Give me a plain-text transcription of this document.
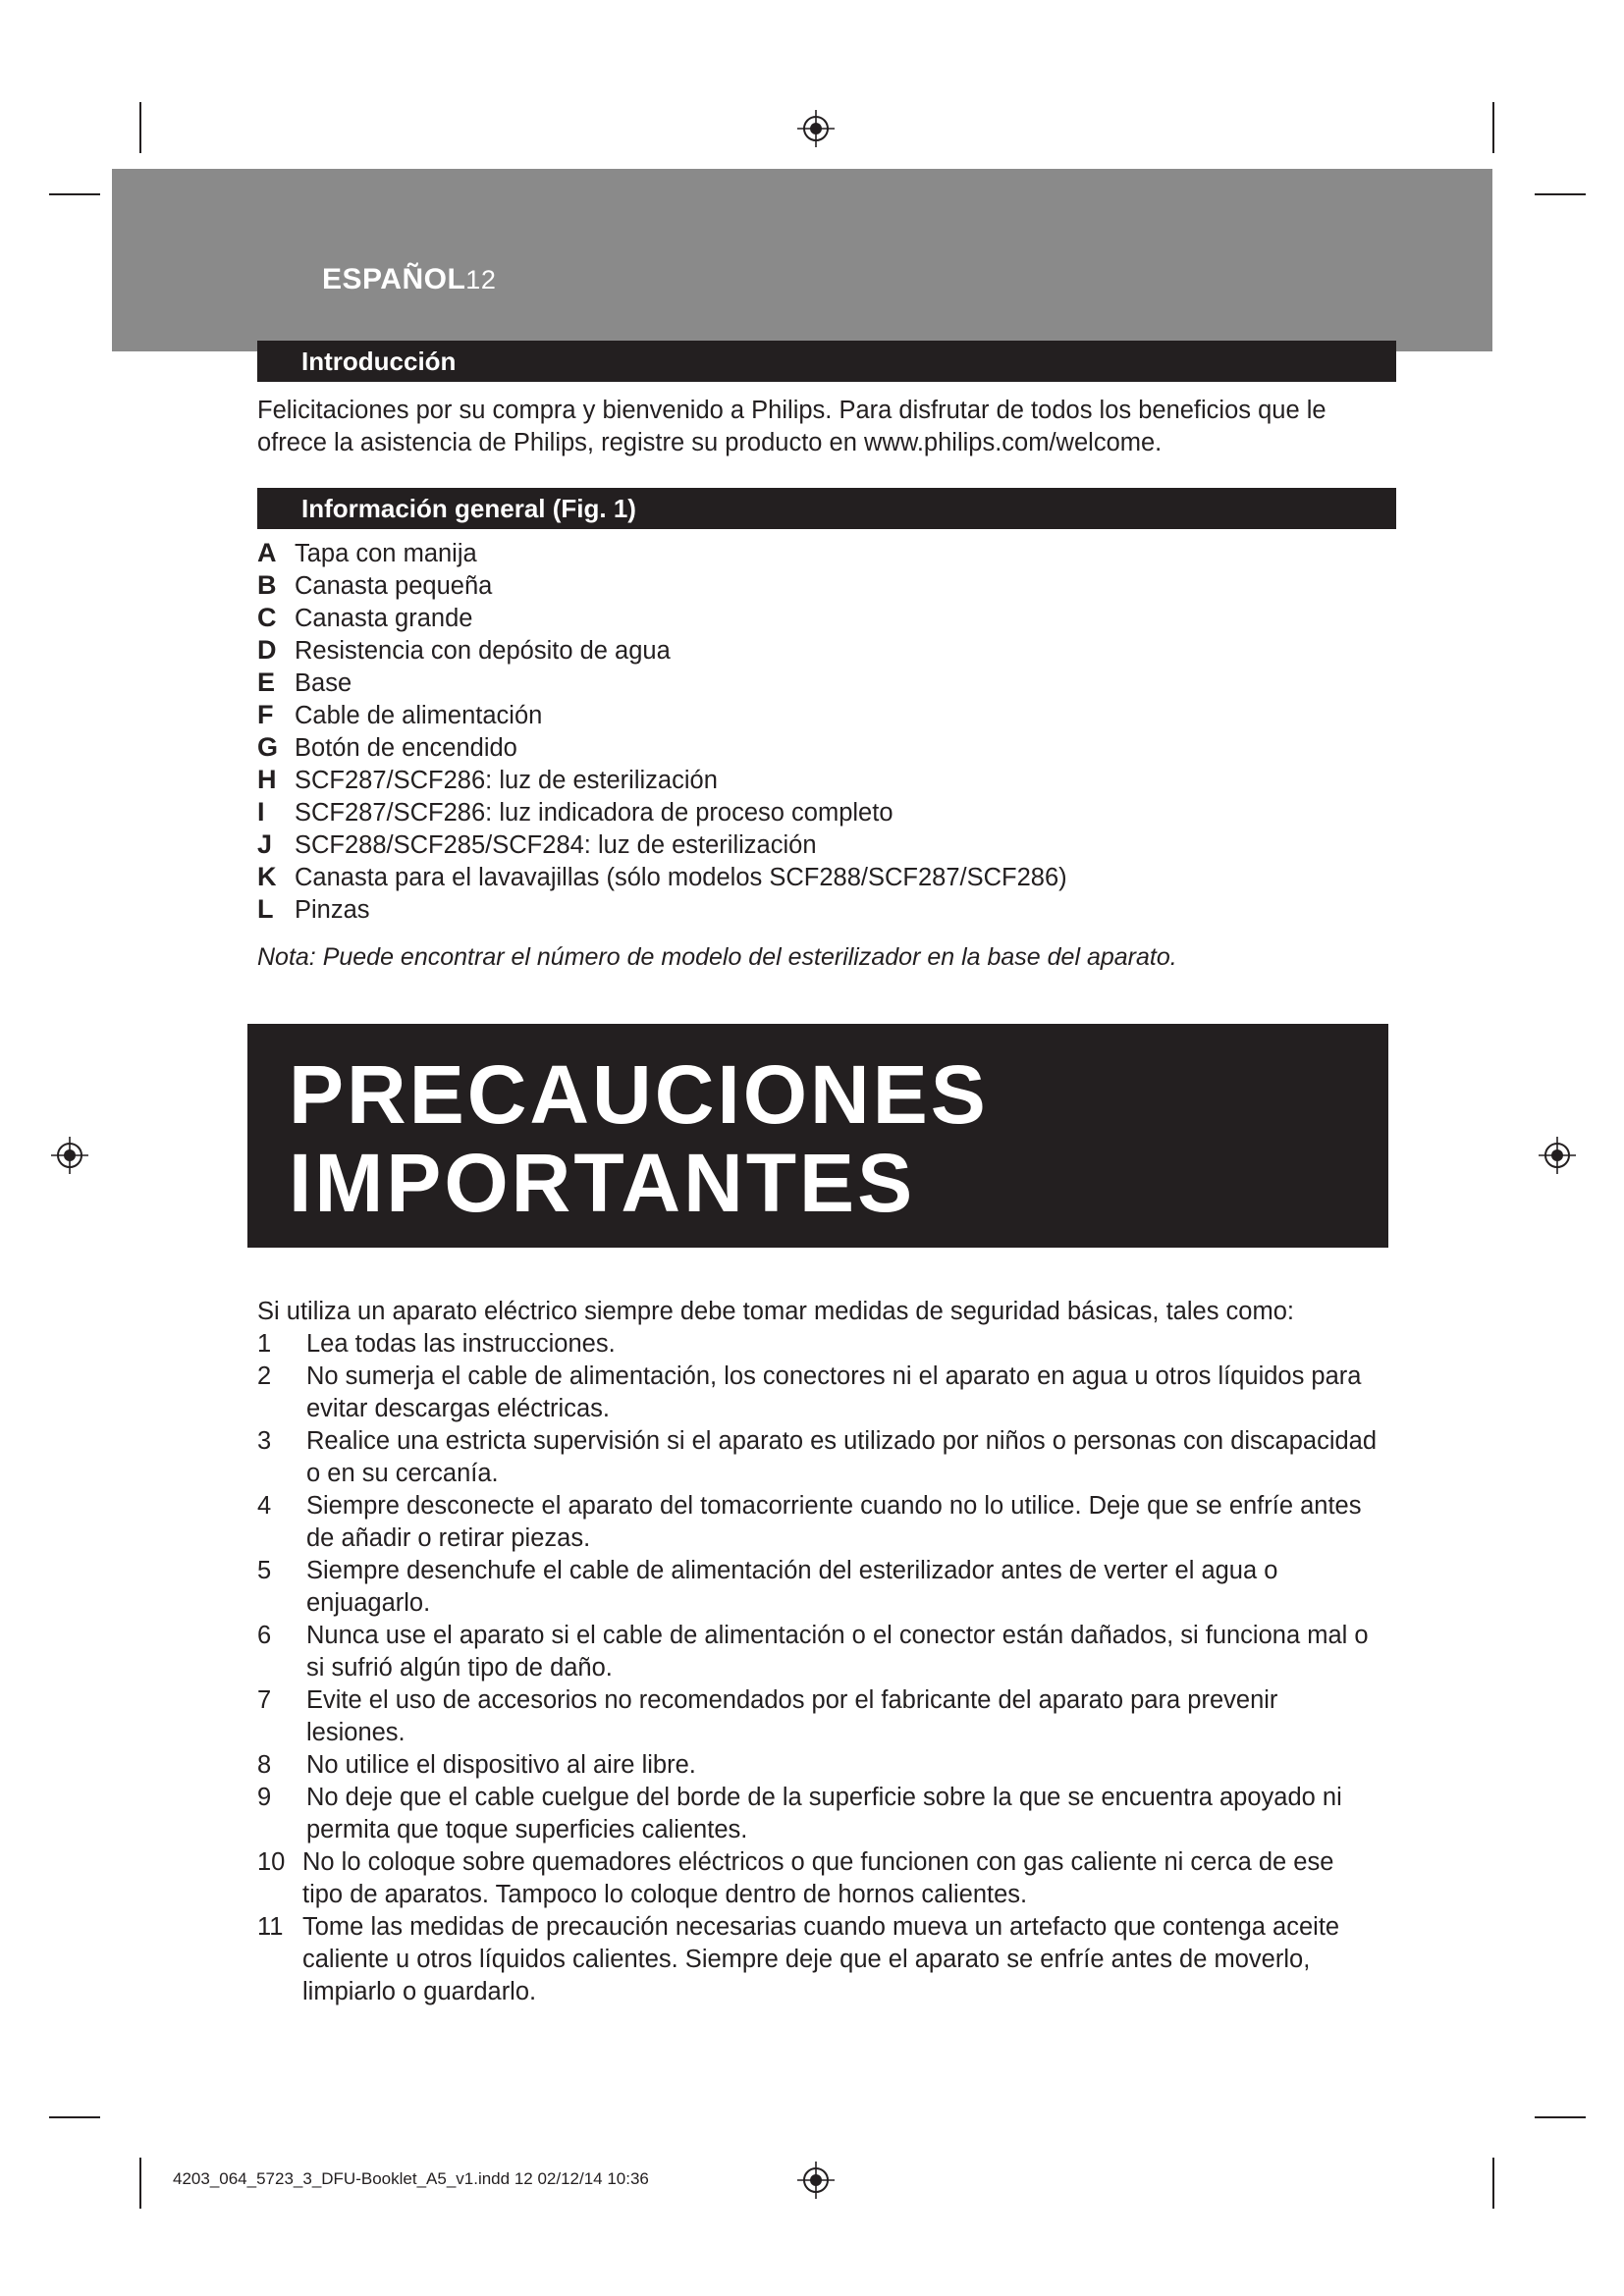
ESPAÑOL12
Introducción
Felicitaciones por su compra y bienvenido a Philips. Para disfrutar de todos los beneficios que le
ofrece la asistencia de Philips, registre su producto en www.philips.com/welcome.
Información general (Fig. 1)
A Tapa con manija
B Canasta pequeña
C Canasta grande
D Resistencia con depósito de agua
E Base
F Cable de alimentación
G Botón de encendido
H SCF287/SCF286: luz de esterilización
I SCF287/SCF286: luz indicadora de proceso completo
J SCF288/SCF285/SCF284: luz de esterilización
K Canasta para el lavavajillas (sólo modelos SCF288/SCF287/SCF286)
L Pinzas
Nota: Puede encontrar el número de modelo del esterilizador en la base del aparato.
PRECAUCIONES
IMPORTANTES
Si utiliza un aparato eléctrico siempre debe tomar medidas de seguridad básicas, tales como:
1 Lea todas las instrucciones.
2 No sumerja el cable de alimentación, los conectores ni el aparato en agua u otros líquidos para
evitar descargas eléctricas.
3 Realice una estricta supervisión si el aparato es utilizado por niños o personas con discapacidad
o en su cercanía.
4 Siempre desconecte el aparato del tomacorriente cuando no lo utilice. Deje que se enfríe antes
de añadir o retirar piezas.
5 Siempre desenchufe el cable de alimentación del esterilizador antes de verter el agua o
enjuagarlo.
6 Nunca use el aparato si el cable de alimentación o el conector están dañados, si funciona mal o
si sufrió algún tipo de daño.
7 Evite el uso de accesorios no recomendados por el fabricante del aparato para prevenir
lesiones.
8 No utilice el dispositivo al aire libre.
9 No deje que el cable cuelgue del borde de la superficie sobre la que se encuentra apoyado ni
permita que toque superficies calientes.
10 No lo coloque sobre quemadores eléctricos o que funcionen con gas caliente ni cerca de ese
tipo de aparatos. Tampoco lo coloque dentro de hornos calientes.
11 Tome las medidas de precaución necesarias cuando mueva un artefacto que contenga aceite
caliente u otros líquidos calientes. Siempre deje que el aparato se enfríe antes de moverlo,
limpiarlo o guardarlo.
4203_064_5723_3_DFU-Booklet_A5_v1.indd 12 02/12/14 10:36
